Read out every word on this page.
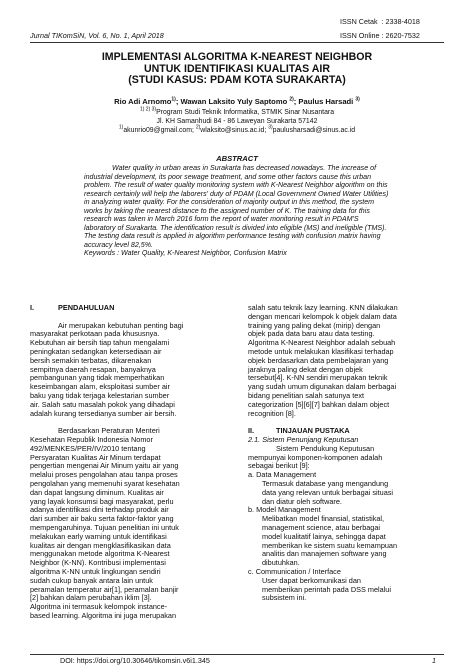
ISSN Cetak  : 2338-4018
ISSN Online : 2620-7532
Jurnal TIKomSiN, Vol. 6, No. 1, April 2018
IMPLEMENTASI ALGORITMA K-NEAREST NEIGHBOR
UNTUK IDENTIFIKASI KUALITAS AIR
(STUDI KASUS: PDAM KOTA SURAKARTA)
Rio Adi Arnomo$^{1)}$; Wawan Laksito Yuly Saptomo $^{2)}$; Paulus Harsadi $^{3)}$
$^{1) 2) 3)}$Program Studi Teknik Informatika, STMIK Sinar Nusantara
Jl. KH Samanhudi 84 - 86 Laweyan Surakarta 57142
$^{1)}$akunrio09@gmail.com; $^{2)}$wlaksito@sinus.ac.id; $^{3)}$paulusharsadi@sinus.ac.id
ABSTRACT
Water quality in urban areas in Surakarta has decreased nowadays. The increase of
industrial development, its poor sewage treatment, and some other factors cause this urban
problem. The result of water quality monitoring system with K-Nearest Neighbor algorithm on this
research certainly will help the laborers' duty of PDAM (Local Government Owned Water Utilities)
in analyzing water quality. For the consideration of majority output in this method, the system
works by taking the nearest distance to the assigned number of K. The training data for this
research was taken in March 2016 form the report of water monitoring result in PDAM'S
laboratory of Surakarta. The identification result is divided into eligible (MS) and ineligible (TMS).
The testing data result is applied in algorithm performance testing with confusion matrix having
accuracy level 82,5%.
Keywords : Water Quality, K-Nearest Neighbor, Confusion Matrix
I.	PENDAHULUAN
Air merupakan kebutuhan penting bagi
masyarakat perkotaan pada khususnya.
Kebutuhan air bersih tiap tahun mengalami
peningkatan sedangkan ketersediaan air
bersih semakin terbatas, dikarenakan
sempitnya daerah resapan, banyaknya
pembangunan yang tidak memperhatikan
keseimbangan alam, eksploitasi sumber air
baku yang tidak terjaga kelestarian sumber
air. Salah satu masalah pokok yang dihadapi
adalah kurang tersedianya sumber air bersih.
Berdasarkan Peraturan Menteri
Kesehatan Republik Indonesia Nomor
492/MENKES/PER/IV/2010 tentang
Persyaratan Kualitas Air Minum terdapat
pengertian mengenai Air Minum yaitu air yang
melalui proses pengolahan atau tanpa proses
pengolahan yang memenuhi syarat kesehatan
dan dapat langsung diminum. Kualitas air
yang layak konsumsi bagi masyarakat, perlu
adanya identifikasi dini terhadap produk air
dari sumber air baku serta faktor-faktor yang
mempengaruhinya. Tujuan penelitian ini untuk
melakukan early warning untuk identifikasi
kualitas air dengan mengklasifikasikan data
menggunakan metode algoritma K-Nearest
Neighbor (K-NN). Kontribusi implementasi
algoritma K-NN untuk lingkungan sendiri
sudah cukup banyak antara lain untuk
peramalan temperatur air[1], peramalan banjir
[2] bahkan dalam perubahan iklim [3].
Algoritma ini termasuk kelompok instance-
based learning. Algoritma ini juga merupakan
salah satu teknik lazy learning. KNN dilakukan
dengan mencari kelompok k objek dalam data
training yang paling dekat (mirip) dengan
objek pada data baru atau data testing.
Algoritma K-Nearest Neighbor adalah sebuah
metode untuk melakukan klasifikasi terhadap
objek berdasarkan data pembelajaran yang
jaraknya paling dekat dengan objek
tersebut[4]. K-NN sendiri merupakan teknik
yang sudah umum digunakan dalam berbagai
bidang penelitian salah satunya text
categorization [5][6][7] bahkan dalam object
recognition [8].
II.	TINJAUAN PUSTAKA
2.1. Sistem Penunjang Keputusan
Sistem Pendukung Keputusan
mempunyai komponen-komponen adalah
sebagai berikut [9]:
a. Data Management
Termasuk database yang mengandung
data yang relevan untuk berbagai situasi
dan diatur oleh software.
b. Model Management
Melibatkan model finansial, statistikal,
management science, atau berbagai
model kualitatif lainya, sehingga dapat
memberikan ke sistem suatu kemampuan
analitis dan manajemen software yang
dibutuhkan.
c. Communication / Interface
User dapat berkomunikasi dan
memberikan perintah pada DSS melalui
subsistem ini.
DOI: https://doi.org/10.30646/tikomsin.v6i1.345	1
